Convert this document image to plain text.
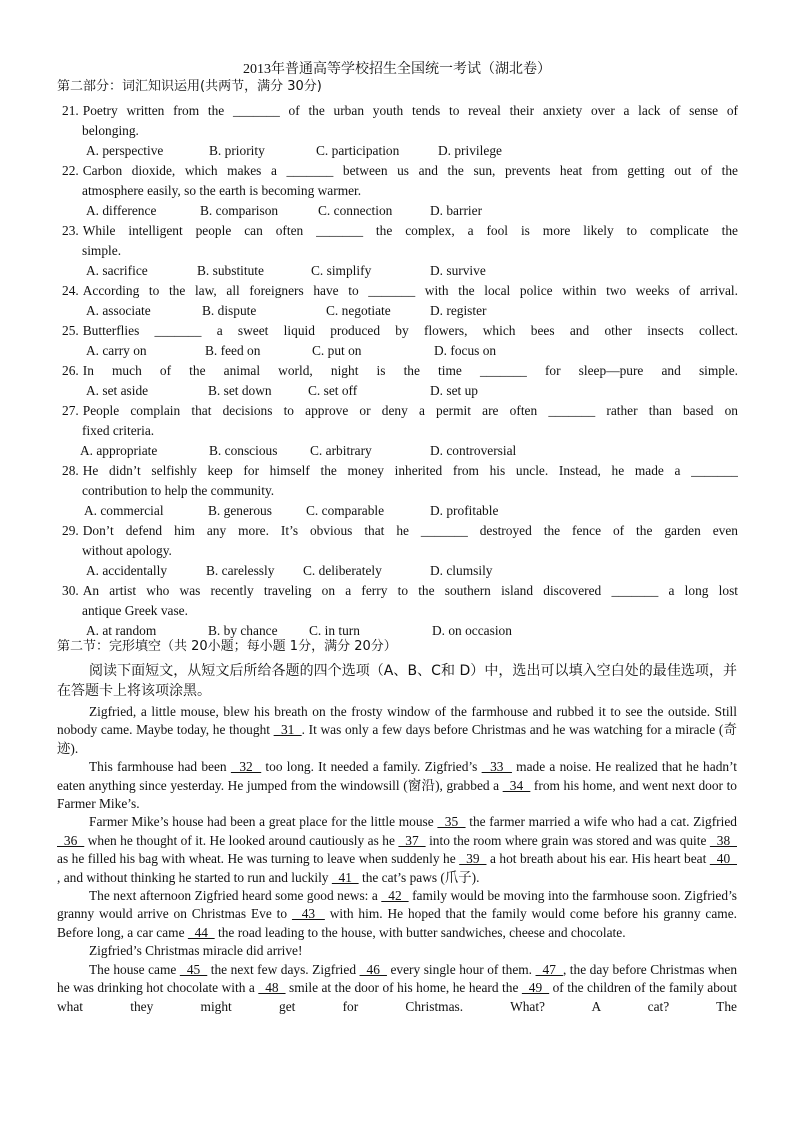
2013年普通高等学校招生全国统一考试（湖北卷）
第二部分：词汇知识运用(共两节，满分 30分)
21. Poetry written from the _______ of the urban youth tends to reveal their anxiety over a lack of sense of
belonging.
A. perspective	B. priority	C. participation	D. privilege
22. Carbon dioxide, which makes a _______ between us and the sun, prevents heat from getting out of the
atmosphere easily, so the earth is becoming warmer.
A. difference	B. comparison	C. connection	D. barrier
23. While intelligent people can often _______ the complex, a fool is more likely to complicate the
simple.
A. sacrifice	B. substitute	C. simplify	D. survive
24. According to the law, all foreigners have to _______ with the local police within two weeks of arrival.
A. associate	B. dispute	C. negotiate	D. register
25. Butterflies _______ a sweet liquid produced by flowers, which bees and other insects collect.
A. carry on	B. feed on	C. put on	D. focus on
26. In much of the animal world, night is the time _______ for sleep—pure and simple.
A. set aside	B. set down	C. set off	D. set up
27. People complain that decisions to approve or deny a permit are often _______ rather than based on
fixed criteria.
A. appropriate	B. conscious C. arbitrary	D. controversial
28. He didn’t selfishly keep for himself the money inherited from his uncle. Instead, he made a _______
contribution to help the community.
A. commercial	B. generous	C. comparable	D. profitable
29. Don’t defend him any more. It’s obvious that he _______ destroyed the fence of the garden even
without apology.
A. accidentally	B. carelessly C. deliberately	D. clumsily
30. An artist who was recently traveling on a ferry to the southern island discovered _______ a long lost
antique Greek vase.
A. at random	B. by chance C. in turn	D. on occasion
第二节：完形填空（共 20小题；每小题 1分，满分 20分）

阅读下面短文，从短文后所给各题的四个选项（A、B、C和 D）中，选出可以填入空白处的最佳选项，并在答题卡上将该项涂黑。

Zigfried, a little mouse, blew his breath on the frosty window of the farmhouse and rubbed it to see the outside. Still nobody came. Maybe today, he thought   31  . It was only a few days before Christmas and he was watching for a miracle (奇迹).

This farmhouse had been   32   too long. It needed a family. Zigfried’s   33   made a noise. He realized that he hadn’t eaten anything since yesterday. He jumped from the windowsill (窗沿), grabbed a   34   from his home, and went next door to Farmer Mike’s.

Farmer Mike’s house had been a great place for the little mouse   35   the farmer married a wife who had a cat. Zigfried   36   when he thought of it. He looked around cautiously as he   37   into the room where grain was stored and was quite   38   as he filled his bag with wheat. He was turning to leave when suddenly he   39   a hot breath about his ear. His heart beat   40   , and without thinking he started to run and luckily   41   the cat’s paws (爪子).

The next afternoon Zigfried heard some good news: a   42   family would be moving into the farmhouse soon. Zigfried’s granny would arrive on Christmas Eve to   43   with him. He hoped that the family would come before his granny came. Before long, a car came   44   the road leading to the house, with butter sandwiches, cheese and chocolate.

Zigfried’s Christmas miracle did arrive!

The house came   45   the next few days. Zigfried   46   every single hour of them.   47  , the day before Christmas when he was drinking hot chocolate with a   48   smile at the door of his home, he heard the   49   of the children of the family about what they might get for Christmas. What? A cat? The
